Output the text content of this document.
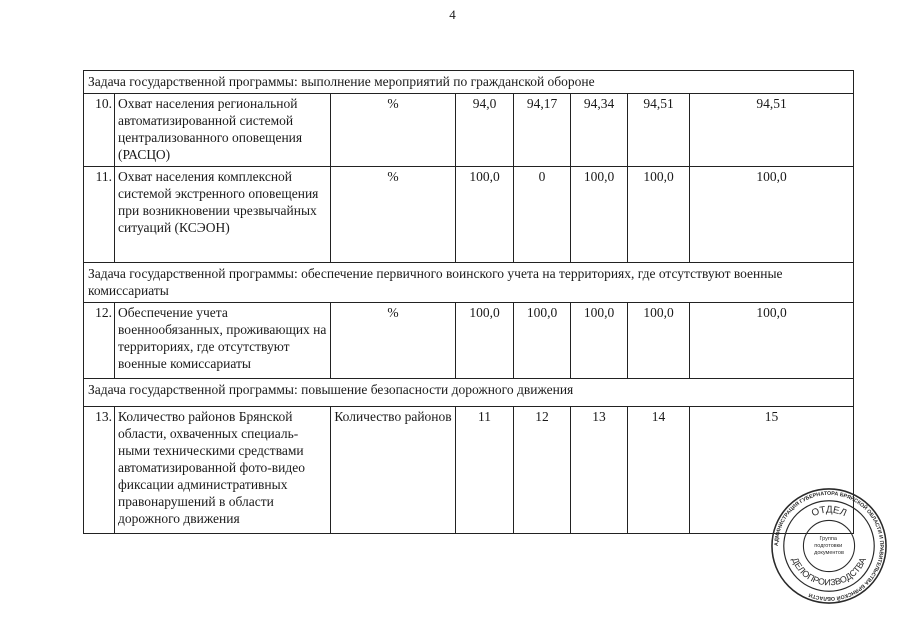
4
Задача государственной программы: выполнение мероприятий по гражданской обороне							
10.	Охват населения региональной автоматизированной системой централизованного оповещения (РАСЦО)	%	94,0	94,17	94,34	94,51	94,51
11.	Охват населения комплексной системой экстренного оповещения при возникновении чрезвычайных ситуаций (КСЭОН)	%	100,0	0	100,0	100,0	100,0
Задача государственной программы: обеспечение первичного воинского учета на территориях, где отсутствуют военные комиссариаты							
12.	Обеспечение учета военнообязанных, проживающих на территориях, где отсутствуют военные комиссариаты	%	100,0	100,0	100,0	100,0	100,0
Задача государственной программы: повышение безопасности дорожного движения							
13.	Количество районов Брянской области, охваченных специаль-ными техническими средствами автоматизированной фото-видео фиксации административных правонарушений в области дорожного движения	Количество районов	11	12	13	14	15
АДМИНИСТРАЦИЯ ГУБЕРНАТОРА БРЯНСКОЙ ОБЛАСТИ И ПРАВИТЕЛЬСТВА БРЯНСКОЙ ОБЛАСТИ
ОТДЕЛ
ДЕЛОПРОИЗВОДСТВА
Группа подготовки документов
